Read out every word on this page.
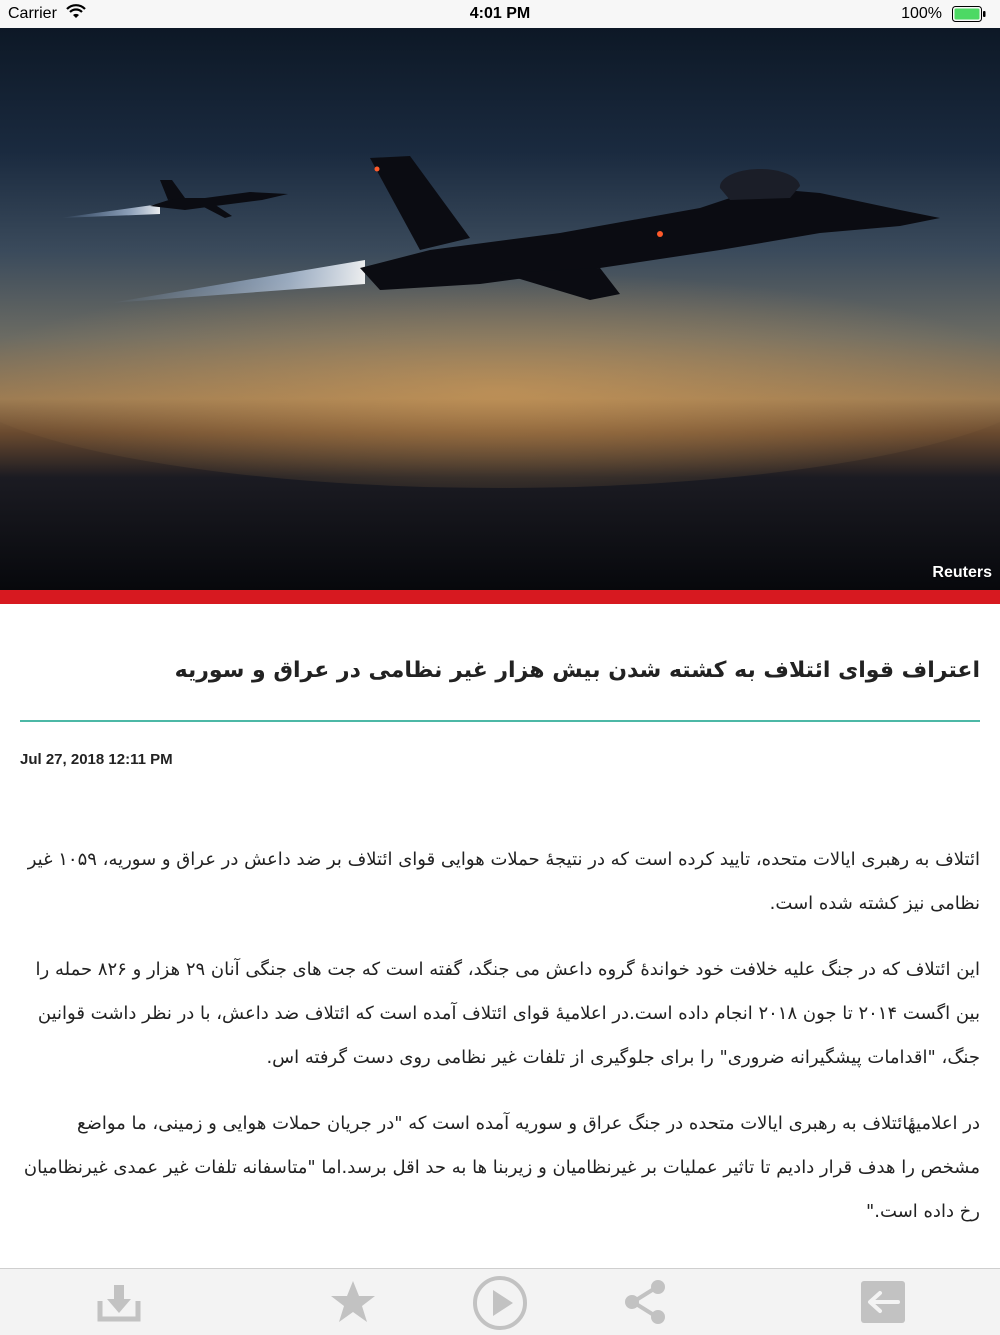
Carrier	4:01 PM	100%
Reuters
اعتراف قوای ائتلاف به کشته شدن بیش هزار غیر نظامی در عراق و سوریه
Jul 27, 2018 12:11 PM

ائتلاف به رهبری ایالات متحده، تایید کرده است که در نتیجهٔ حملات هوایی قوای ائتلاف بر ضد داعش در عراق و سوریه، ۱۰۵۹ غیر نظامی نیز کشته شده است.

این ائتلاف که در جنگ علیه خلافت خود خواندهٔ گروه داعش می جنگد، گفته است که جت های جنگی آنان ۲۹ هزار و ۸۲۶ حمله را بین اگست ۲۰۱۴ تا جون ۲۰۱۸ انجام داده است.در اعلامیهٔ قوای ائتلاف آمده است که ائتلاف ضد داعش، با در نظر داشت قوانین جنگ، "اقدامات پیشگیرانه ضروری" را برای جلوگیری از تلفات غیر نظامی روی دست گرفته اس.

در اعلامیهٔائتلاف به رهبری ایالات متحده در جنگ عراق و سوریه آمده است که "در جریان حملات هوایی و زمینی، ما مواضع مشخص را هدف قرار دادیم تا تاثیر عملیات بر غیرنظامیان و زیربنا ها به حد اقل برسد.اما "متاسفانه تلفات غیر عمدی غیرنظامیان رخ داده است."
